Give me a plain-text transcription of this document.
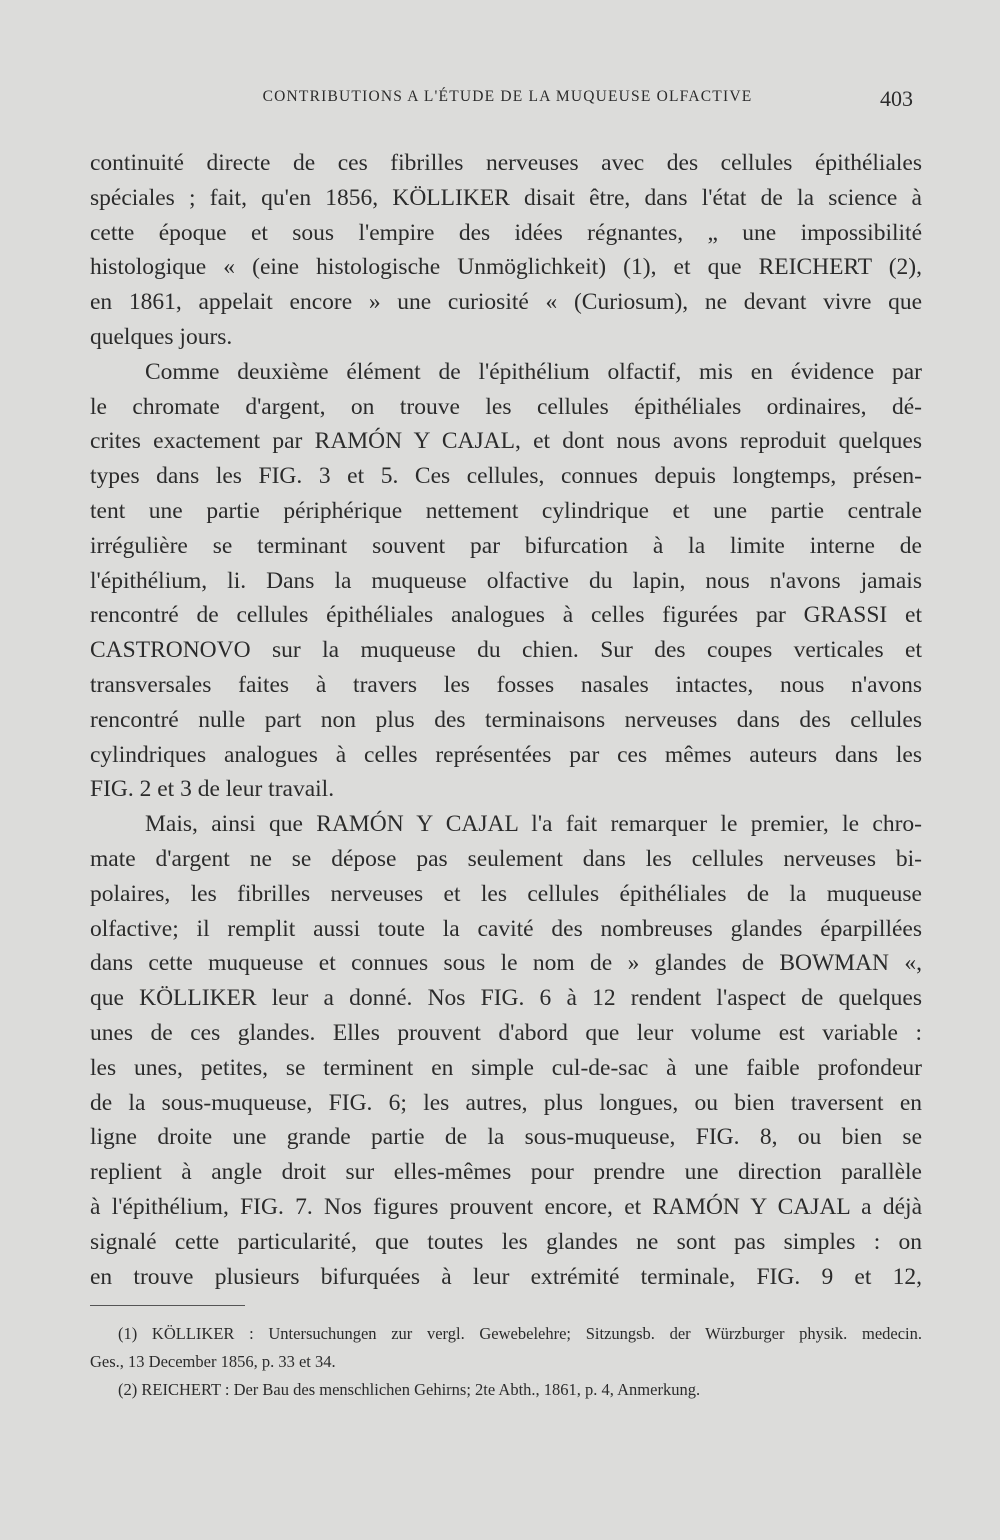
CONTRIBUTIONS A L'ÉTUDE DE LA MUQUEUSE OLFACTIVE	403
continuité directe de ces fibrilles nerveuses avec des cellules épithéliales
spéciales ; fait, qu'en 1856, KÖLLIKER disait être, dans l'état de la science à
cette époque et sous l'empire des idées régnantes, „ une impossibilité
histologique « (eine histologische Unmöglichkeit) (1), et que REICHERT (2),
en 1861, appelait encore » une curiosité « (Curiosum), ne devant vivre que
quelques jours.
Comme deuxième élément de l'épithélium olfactif, mis en évidence par
le chromate d'argent, on trouve les cellules épithéliales ordinaires, dé-
crites exactement par RAMÓN Y CAJAL, et dont nous avons reproduit quelques
types dans les FIG. 3 et 5. Ces cellules, connues depuis longtemps, présen-
tent une partie périphérique nettement cylindrique et une partie centrale
irrégulière se terminant souvent par bifurcation à la limite interne de
l'épithélium, li. Dans la muqueuse olfactive du lapin, nous n'avons jamais
rencontré de cellules épithéliales analogues à celles figurées par GRASSI et
CASTRONOVO sur la muqueuse du chien. Sur des coupes verticales et
transversales faites à travers les fosses nasales intactes, nous n'avons
rencontré nulle part non plus des terminaisons nerveuses dans des cellules
cylindriques analogues à celles représentées par ces mêmes auteurs dans les
FIG. 2 et 3 de leur travail.
Mais, ainsi que RAMÓN Y CAJAL l'a fait remarquer le premier, le chro-
mate d'argent ne se dépose pas seulement dans les cellules nerveuses bi-
polaires, les fibrilles nerveuses et les cellules épithéliales de la muqueuse
olfactive; il remplit aussi toute la cavité des nombreuses glandes éparpillées
dans cette muqueuse et connues sous le nom de » glandes de BOWMAN «,
que KÖLLIKER leur a donné. Nos FIG. 6 à 12 rendent l'aspect de quelques
unes de ces glandes. Elles prouvent d'abord que leur volume est variable :
les unes, petites, se terminent en simple cul-de-sac à une faible profondeur
de la sous-muqueuse, FIG. 6; les autres, plus longues, ou bien traversent en
ligne droite une grande partie de la sous-muqueuse, FIG. 8, ou bien se
replient à angle droit sur elles-mêmes pour prendre une direction parallèle
à l'épithélium, FIG. 7. Nos figures prouvent encore, et RAMÓN Y CAJAL a déjà
signalé cette particularité, que toutes les glandes ne sont pas simples : on
en trouve plusieurs bifurquées à leur extrémité terminale, FIG. 9 et 12,
(1) KÖLLIKER : Untersuchungen zur vergl. Gewebelehre; Sitzungsb. der Würzburger physik. medecin.
Ges., 13 December 1856, p. 33 et 34.
(2) REICHERT : Der Bau des menschlichen Gehirns; 2te Abth., 1861, p. 4, Anmerkung.
